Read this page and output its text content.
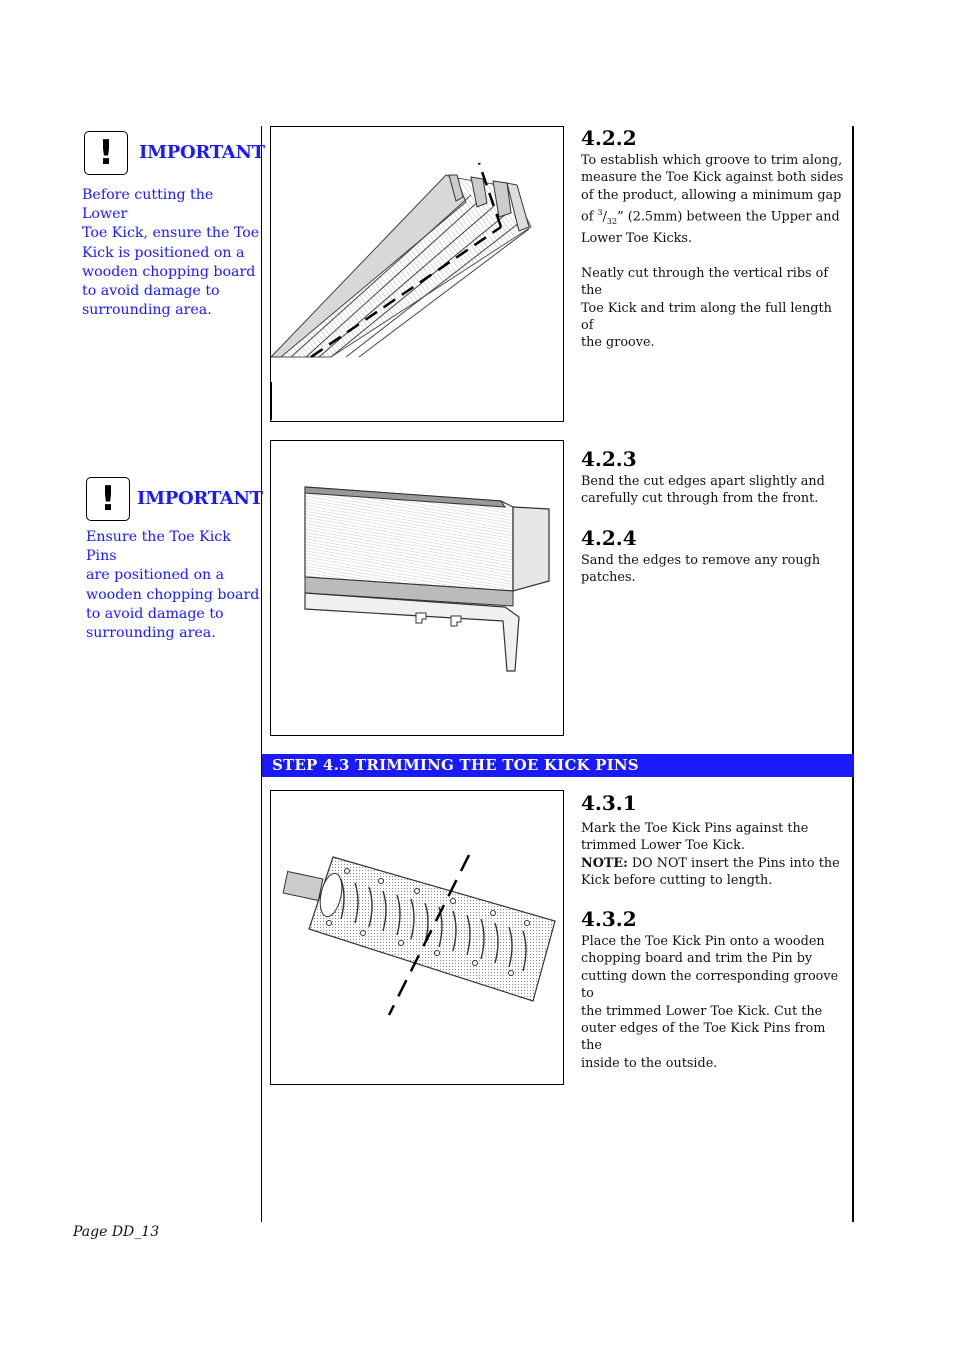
!	IMPORTANT
Before cutting the Lower
Toe Kick, ensure the Toe
Kick is positioned on a
wooden chopping board
to avoid damage to
surrounding area.
!	IMPORTANT
Ensure the Toe Kick Pins
are positioned on a
wooden chopping board
to avoid damage to
surrounding area.
4.2.2
To establish which groove to trim along,
measure the Toe Kick against both sides
of the product, allowing a minimum gap
of $^3/_{32}$” (2.5mm) between the Upper and
Lower Toe Kicks.
Neatly cut through the vertical ribs of the
Toe Kick and trim along the full length of
the groove.
4.2.3
Bend the cut edges apart slightly and
carefully cut through from the front.
4.2.4
Sand the edges to remove any rough
patches.
STEP 4.3 TRIMMING THE TOE KICK PINS
4.3.1
Mark the Toe Kick Pins against the
trimmed Lower Toe Kick.
NOTE: DO NOT insert the Pins into the
Kick before cutting to length.
4.3.2
Place the Toe Kick Pin onto a wooden
chopping board and trim the Pin by
cutting down the corresponding groove to
the trimmed Lower Toe Kick. Cut the
outer edges of the Toe Kick Pins from the
inside to the outside.
Page DD_13
